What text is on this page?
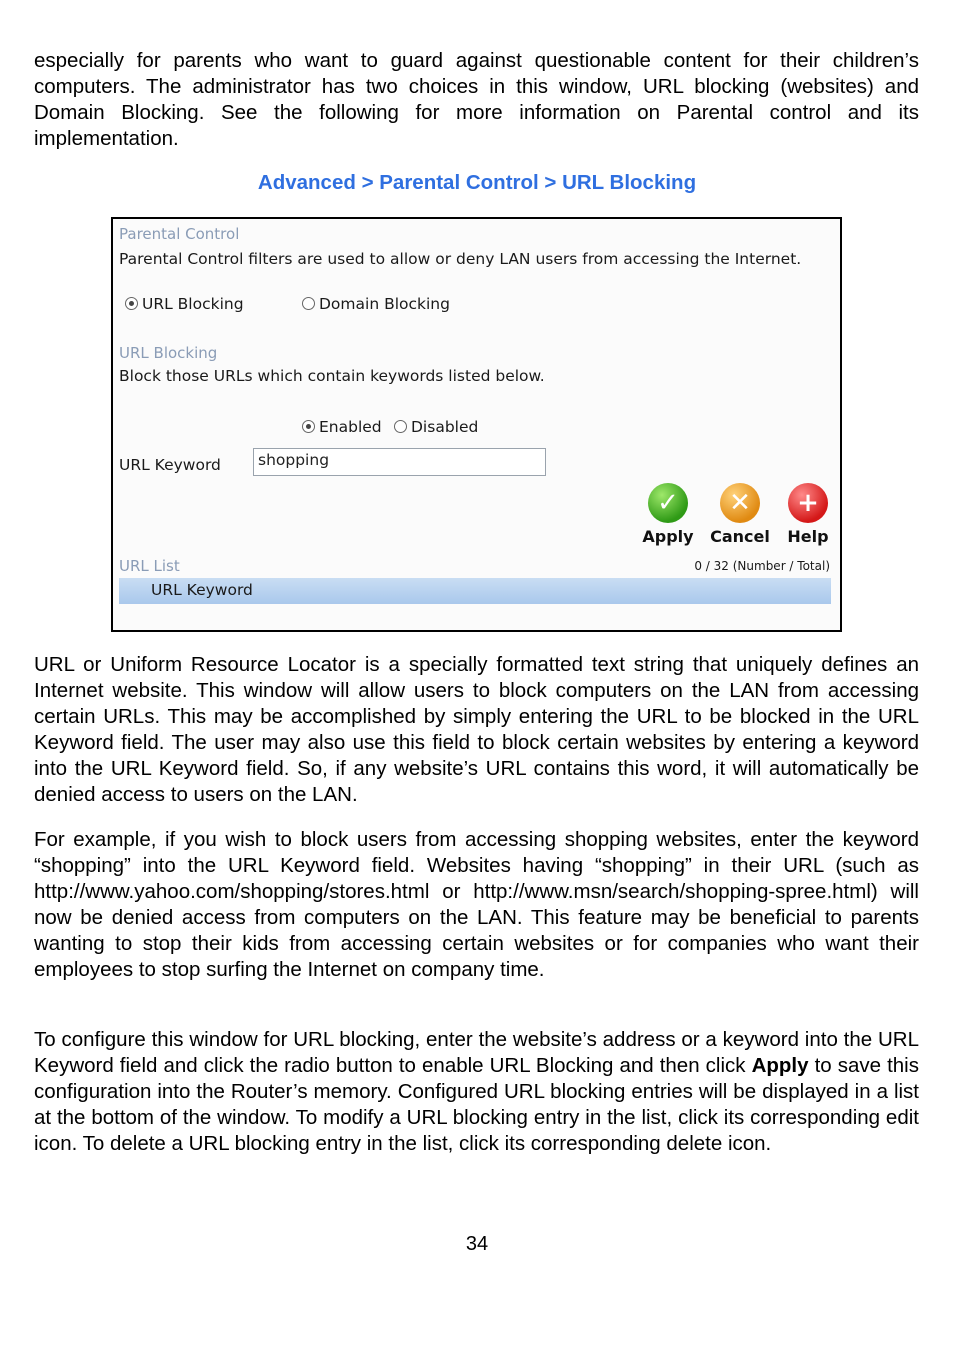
especially for parents who want to guard against questionable content for their children’s computers. The administrator has two choices in this window, URL blocking (websites) and Domain Blocking. See the following for more information on Parental control and its implementation.

Advanced > Parental Control > URL Blocking
Parental Control
Parental Control filters are used to allow or deny LAN users from accessing the Internet.
URL Blocking	Domain Blocking
URL Blocking
Block those URLs which contain keywords listed below.
Enabled	Disabled
URL Keyword	shopping
✓
Apply
✕
Cancel
+
Help
URL List	0 / 32 (Number / Total)
URL Keyword

URL or Uniform Resource Locator is a specially formatted text string that uniquely defines an Internet website. This window will allow users to block computers on the LAN from accessing certain URLs. This may be accomplished by simply entering the URL to be blocked in the URL Keyword field. The user may also use this field to block certain websites by entering a keyword into the URL Keyword field. So, if any website’s URL contains this word, it will automatically be denied access to users on the LAN.

For example, if you wish to block users from accessing shopping websites, enter the keyword “shopping” into the URL Keyword field. Websites having “shopping” in their URL (such as http://www.yahoo.com/shopping/stores.html or http://www.msn/search/shopping-spree.html) will now be denied access from computers on the LAN. This feature may be beneficial to parents wanting to stop their kids from accessing certain websites or for companies who want their employees to stop surfing the Internet on company time.

To configure this window for URL blocking, enter the website’s address or a keyword into the URL Keyword field and click the radio button to enable URL Blocking and then click Apply to save this configuration into the Router’s memory. Configured URL blocking entries will be displayed in a list at the bottom of the window. To modify a URL blocking entry in the list, click its corresponding edit icon. To delete a URL blocking entry in the list, click its corresponding delete icon.

34
